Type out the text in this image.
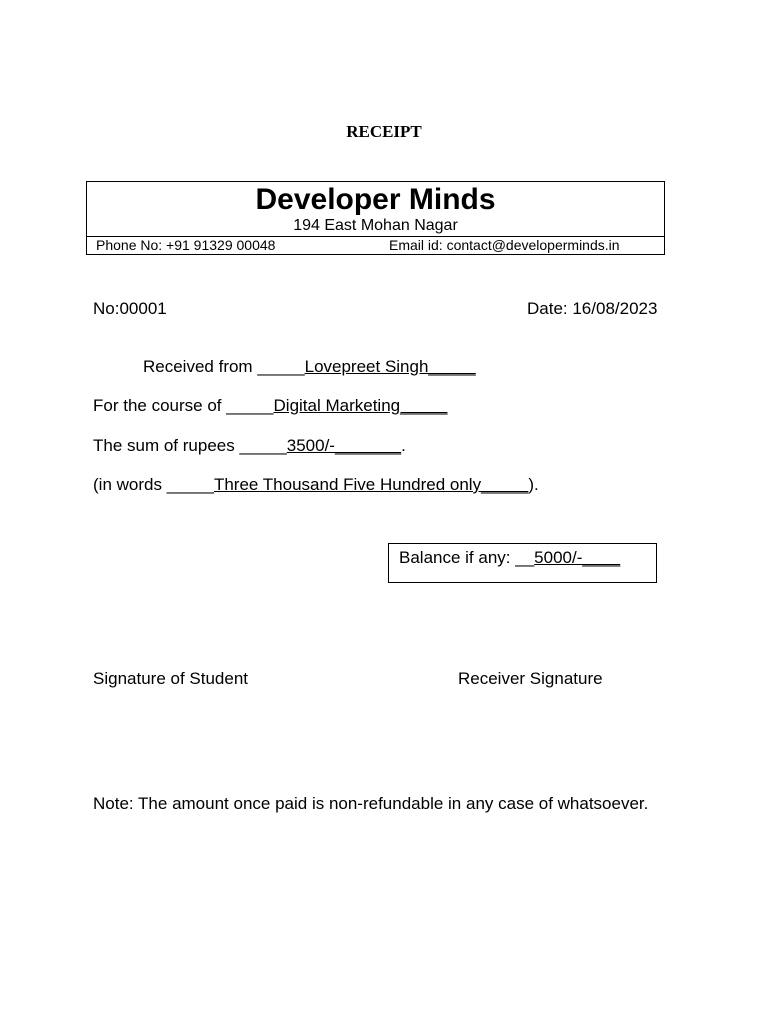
RECEIPT
Developer Minds
194 East Mohan Nagar
Phone No: +91 91329 00048	Email id: contact@developerminds.in
No:00001	Date: 16/08/2023
Received from _____Lovepreet Singh_____
For the course of _____Digital Marketing_____
The sum of rupees _____3500/-_______.
(in words _____Three Thousand Five Hundred only_____).
Balance if any: __5000/-____
Signature of Student	Receiver Signature
Note: The amount once paid is non-refundable in any case of whatsoever.
